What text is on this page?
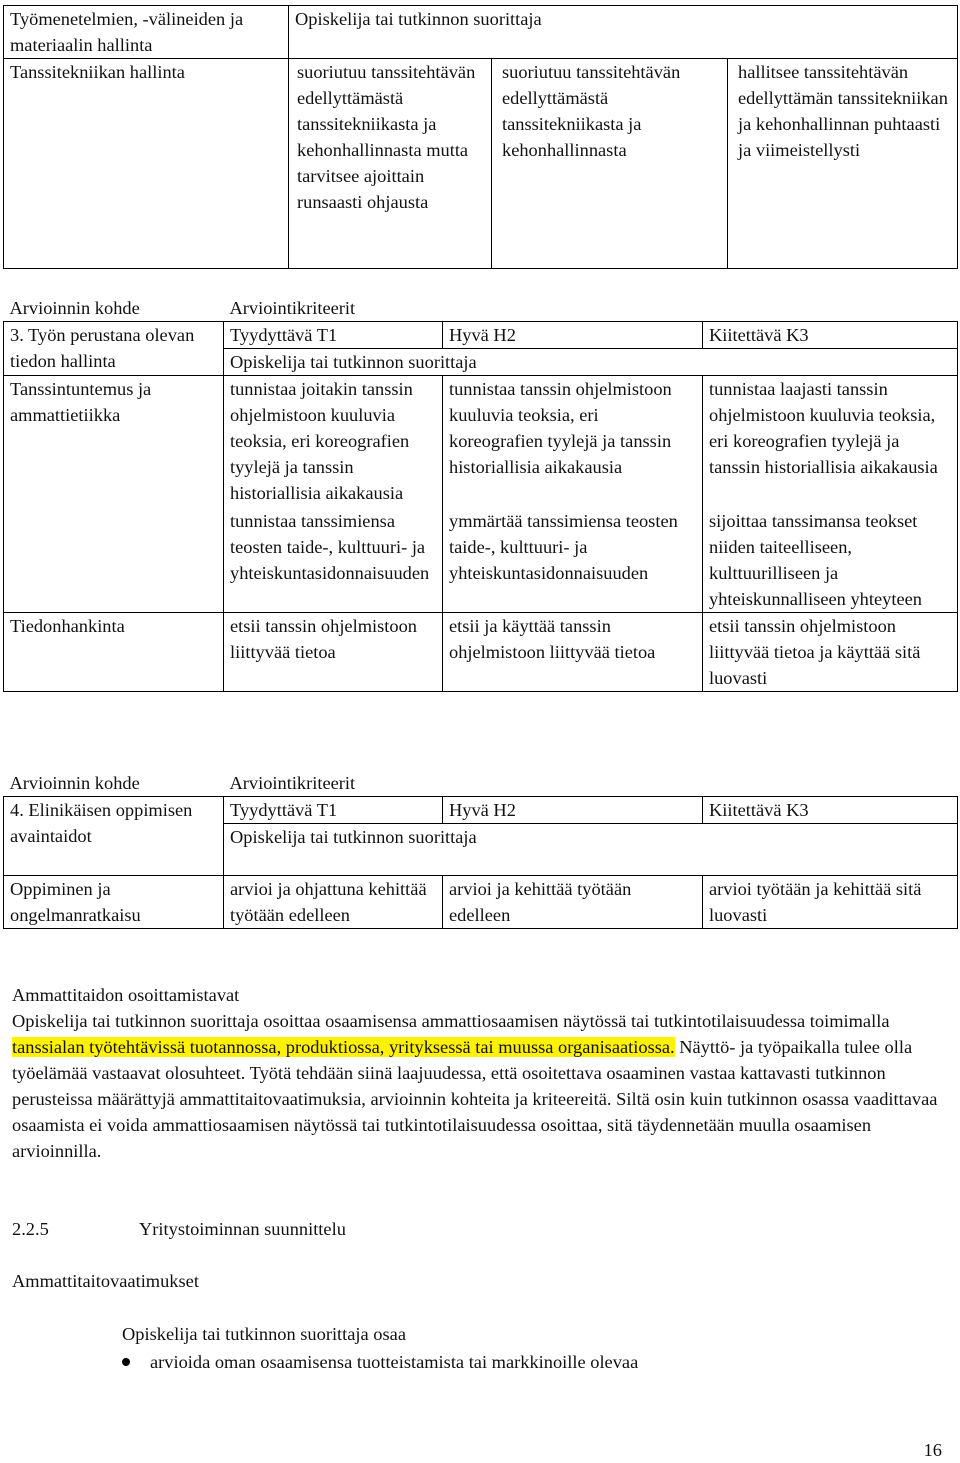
Työmenetelmien, -välineiden ja materiaalin hallinta	Opiskelija tai tutkinnon suorittaja		
Tanssitekniikan hallinta	suoriutuu tanssitehtävän edellyttämästä tanssitekniikasta ja kehonhallinnasta mutta tarvitsee ajoittain runsaasti ohjausta	suoriutuu tanssitehtävän edellyttämästä tanssitekniikasta ja kehonhallinnasta	hallitsee tanssitehtävän edellyttämän tanssitekniikan ja kehonhallinnan puhtaasti ja viimeistellysti
Arvioinnin kohde	Arviointikriteerit		
3. Työn perustana olevan tiedon hallinta	Tyydyttävä T1	Hyvä H2	Kiitettävä K3
	Opiskelija tai tutkinnon suorittaja		
Tanssintuntemus ja ammattietiikka	tunnistaa joitakin tanssin ohjelmistoon kuuluvia teoksia, eri koreografien tyylejä ja tanssin historiallisia aikakausia	tunnistaa tanssin ohjelmistoon kuuluvia teoksia, eri koreografien tyylejä ja tanssin historiallisia aikakausia	tunnistaa laajasti tanssin ohjelmistoon kuuluvia teoksia, eri koreografien tyylejä ja tanssin historiallisia aikakausia
	tunnistaa tanssimiensa teosten taide-, kulttuuri- ja yhteiskuntasidonnaisuuden	ymmärtää tanssimiensa teosten taide-, kulttuuri- ja yhteiskuntasidonnaisuuden	sijoittaa tanssimansa teokset niiden taiteelliseen, kulttuurilliseen ja yhteiskunnalliseen yhteyteen
Tiedonhankinta	etsii tanssin ohjelmistoon liittyvää tietoa	etsii ja käyttää tanssin ohjelmistoon liittyvää tietoa	etsii tanssin ohjelmistoon liittyvää tietoa ja käyttää sitä luovasti
Arvioinnin kohde	Arviointikriteerit		
4. Elinikäisen oppimisen avaintaidot	Tyydyttävä T1	Hyvä H2	Kiitettävä K3
	Opiskelija tai tutkinnon suorittaja		
Oppiminen ja ongelmanratkaisu	arvioi ja ohjattuna kehittää työtään edelleen	arvioi ja kehittää työtään edelleen	arvioi työtään ja kehittää sitä luovasti
Ammattitaidon osoittamistavat
Opiskelija tai tutkinnon suorittaja osoittaa osaamisensa ammattiosaamisen näytössä tai tutkintotilaisuudessa toimimalla tanssialan työtehtävissä tuotannossa, produktiossa, yrityksessä tai muussa organisaatiossa. Näyttö- ja työpaikalla tulee olla työelämää vastaavat olosuhteet. Työtä tehdään siinä laajuudessa, että osoitettava osaaminen vastaa kattavasti tutkinnon perusteissa määrättyjä ammattitaitovaatimuksia, arvioinnin kohteita ja kriteereitä. Siltä osin kuin tutkinnon osassa vaadittavaa osaamista ei voida ammattiosaamisen näytössä tai tutkintotilaisuudessa osoittaa, sitä täydennetään muulla osaamisen arvioinnilla.
2.2.5	Yritystoiminnan suunnittelu
Ammattitaitovaatimukset
Opiskelija tai tutkinnon suorittaja osaa
arvioida oman osaamisensa tuotteistamista tai markkinoille olevaa
16
